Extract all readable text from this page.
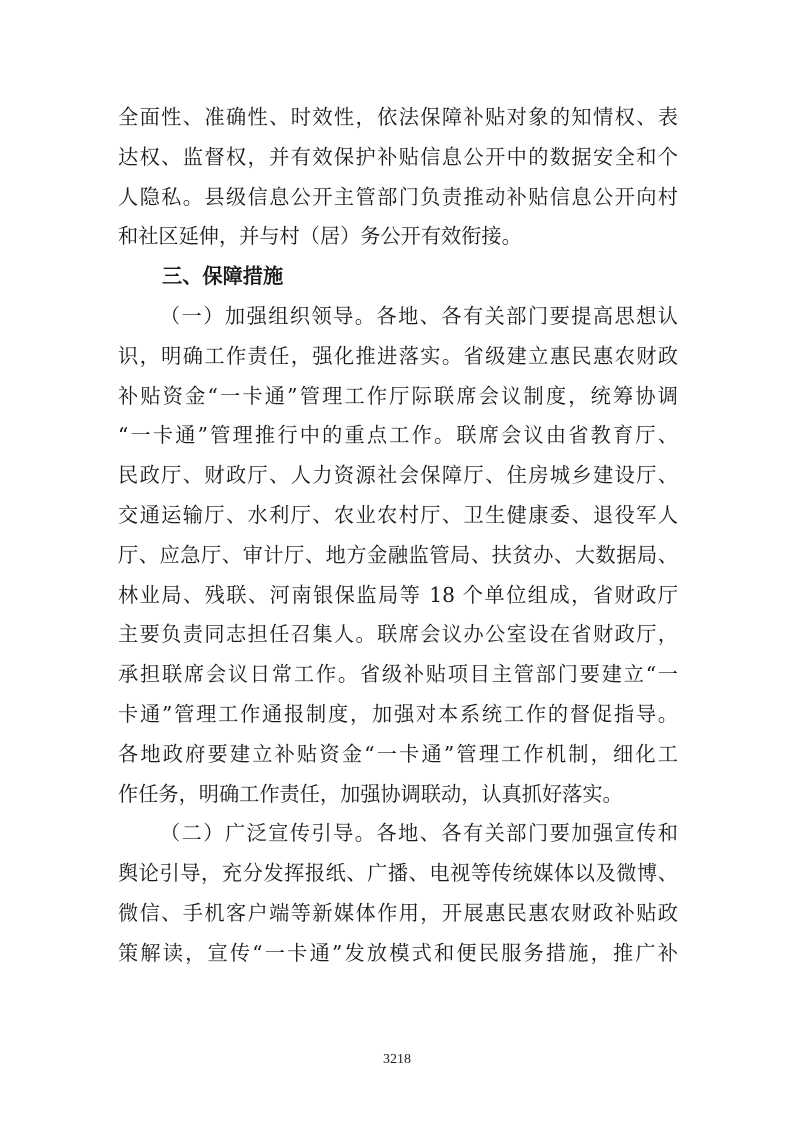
全面性、准确性、时效性，依法保障补贴对象的知情权、表
达权、监督权，并有效保护补贴信息公开中的数据安全和个
人隐私。县级信息公开主管部门负责推动补贴信息公开向村
和社区延伸，并与村（居）务公开有效衔接。
三、保障措施
（一）加强组织领导。各地、各有关部门要提高思想认
识，明确工作责任，强化推进落实。省级建立惠民惠农财政
补贴资金“一卡通”管理工作厅际联席会议制度，统筹协调
“一卡通”管理推行中的重点工作。联席会议由省教育厅、
民政厅、财政厅、人力资源社会保障厅、住房城乡建设厅、
交通运输厅、水利厅、农业农村厅、卫生健康委、退役军人
厅、应急厅、审计厅、地方金融监管局、扶贫办、大数据局、
林业局、残联、河南银保监局等 18 个单位组成，省财政厅
主要负责同志担任召集人。联席会议办公室设在省财政厅，
承担联席会议日常工作。省级补贴项目主管部门要建立“一
卡通”管理工作通报制度，加强对本系统工作的督促指导。
各地政府要建立补贴资金“一卡通”管理工作机制，细化工
作任务，明确工作责任，加强协调联动，认真抓好落实。
（二）广泛宣传引导。各地、各有关部门要加强宣传和
舆论引导，充分发挥报纸、广播、电视等传统媒体以及微博、
微信、手机客户端等新媒体作用，开展惠民惠农财政补贴政
策解读，宣传“一卡通”发放模式和便民服务措施，推广补
3218
